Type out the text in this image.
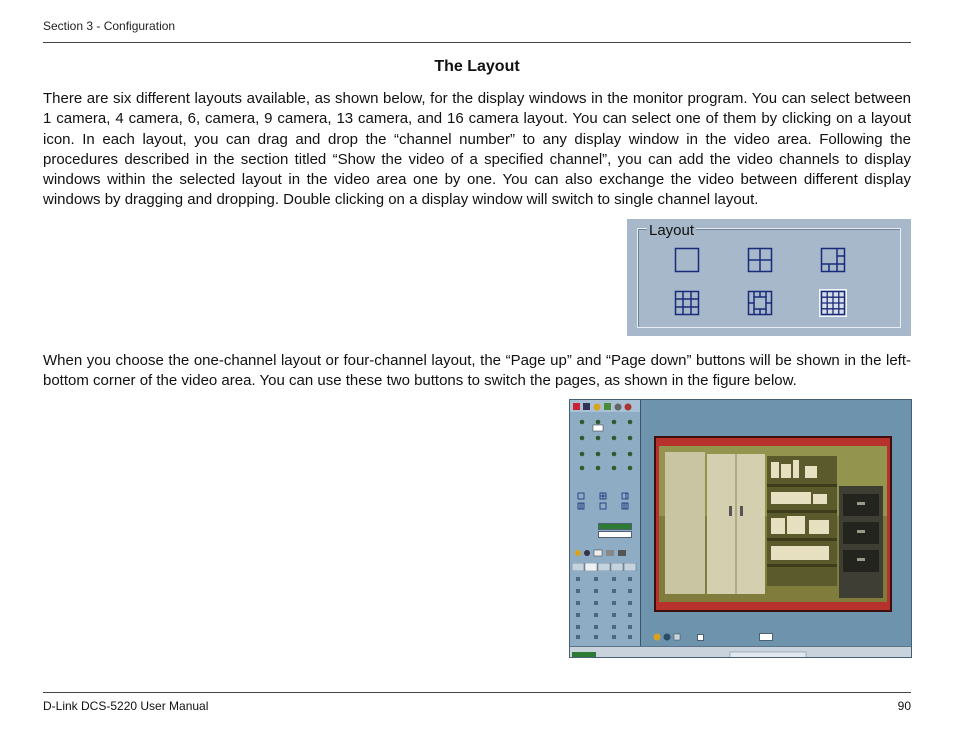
Section 3 - Configuration
The Layout

There are six different layouts available, as shown below, for the display windows in the monitor program. You can select between 1 camera, 4 camera, 6, camera, 9 camera, 13 camera, and 16 camera layout. You can select one of them by clicking on a layout icon. In each layout, you can drag and drop the “channel number” to any display window in the video area. Following the procedures described in the section titled “Show the video of a specified channel”, you can add the video channels to display windows within the selected layout in the video area one by one. You can also exchange the video between different display windows by dragging and dropping. Double clicking on a display window will switch to single channel layout.

Layout

When you choose the one-channel layout or four-channel layout, the “Page up” and “Page down” buttons will be shown in the left-bottom corner of the video area. You can use these two buttons to switch the pages, as shown in the figure below.

D-Link DCS-5220 User Manual	90
